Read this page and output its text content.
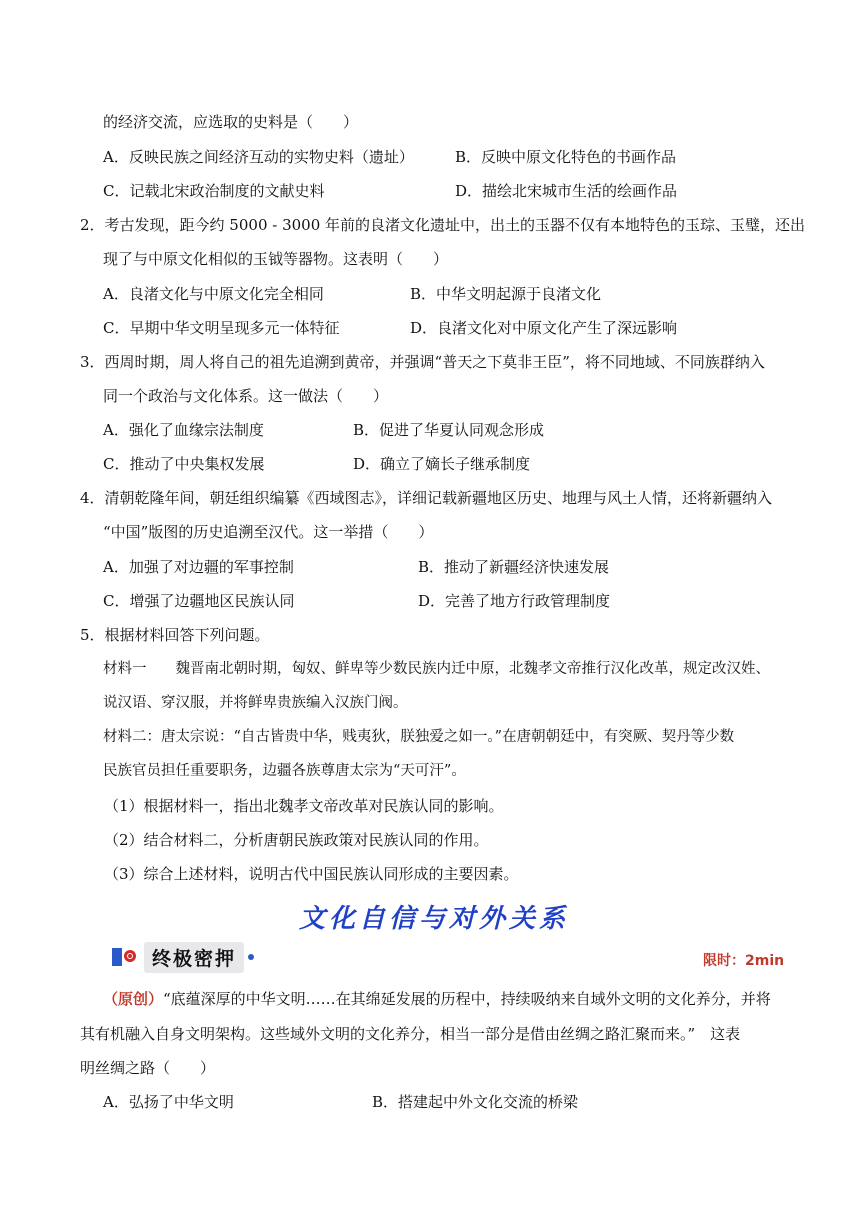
的经济交流，应选取的史料是（　　）
A．反映民族之间经济互动的实物史料（遗址）	B．反映中原文化特色的书画作品
C．记载北宋政治制度的文献史料	D．描绘北宋城市生活的绘画作品
2．考古发现，距今约 5000 - 3000 年前的良渚文化遗址中，出土的玉器不仅有本地特色的玉琮、玉璧，还出
现了与中原文化相似的玉钺等器物。这表明（　　）
A．良渚文化与中原文化完全相同	B．中华文明起源于良渚文化
C．早期中华文明呈现多元一体特征	D．良渚文化对中原文化产生了深远影响
3．西周时期，周人将自己的祖先追溯到黄帝，并强调“普天之下莫非王臣”，将不同地域、不同族群纳入
同一个政治与文化体系。这一做法（　　）
A．强化了血缘宗法制度	B．促进了华夏认同观念形成
C．推动了中央集权发展	D．确立了嫡长子继承制度
4．清朝乾隆年间，朝廷组织编纂《西域图志》，详细记载新疆地区历史、地理与风土人情，还将新疆纳入
“中国”版图的历史追溯至汉代。这一举措（　　）
A．加强了对边疆的军事控制	B．推动了新疆经济快速发展
C．增强了边疆地区民族认同	D．完善了地方行政管理制度
5．根据材料回答下列问题。
材料一　　魏晋南北朝时期，匈奴、鲜卑等少数民族内迁中原，北魏孝文帝推行汉化改革，规定改汉姓、
说汉语、穿汉服，并将鲜卑贵族编入汉族门阀。
材料二：唐太宗说：“自古皆贵中华，贱夷狄，朕独爱之如一。”在唐朝朝廷中，有突厥、契丹等少数
民族官员担任重要职务，边疆各族尊唐太宗为“天可汗”。
（1）根据材料一，指出北魏孝文帝改革对民族认同的影响。
（2）结合材料二，分析唐朝民族政策对民族认同的作用。
（3）综合上述材料，说明古代中国民族认同形成的主要因素。
文化自信与对外关系
终极密押	限时：2min
（原创）“底蕴深厚的中华文明……在其绵延发展的历程中，持续吸纳来自域外文明的文化养分，并将
其有机融入自身文明架构。这些域外文明的文化养分，相当一部分是借由丝绸之路汇聚而来。”　这表
明丝绸之路（　　）
A．弘扬了中华文明	B．搭建起中外文化交流的桥梁
